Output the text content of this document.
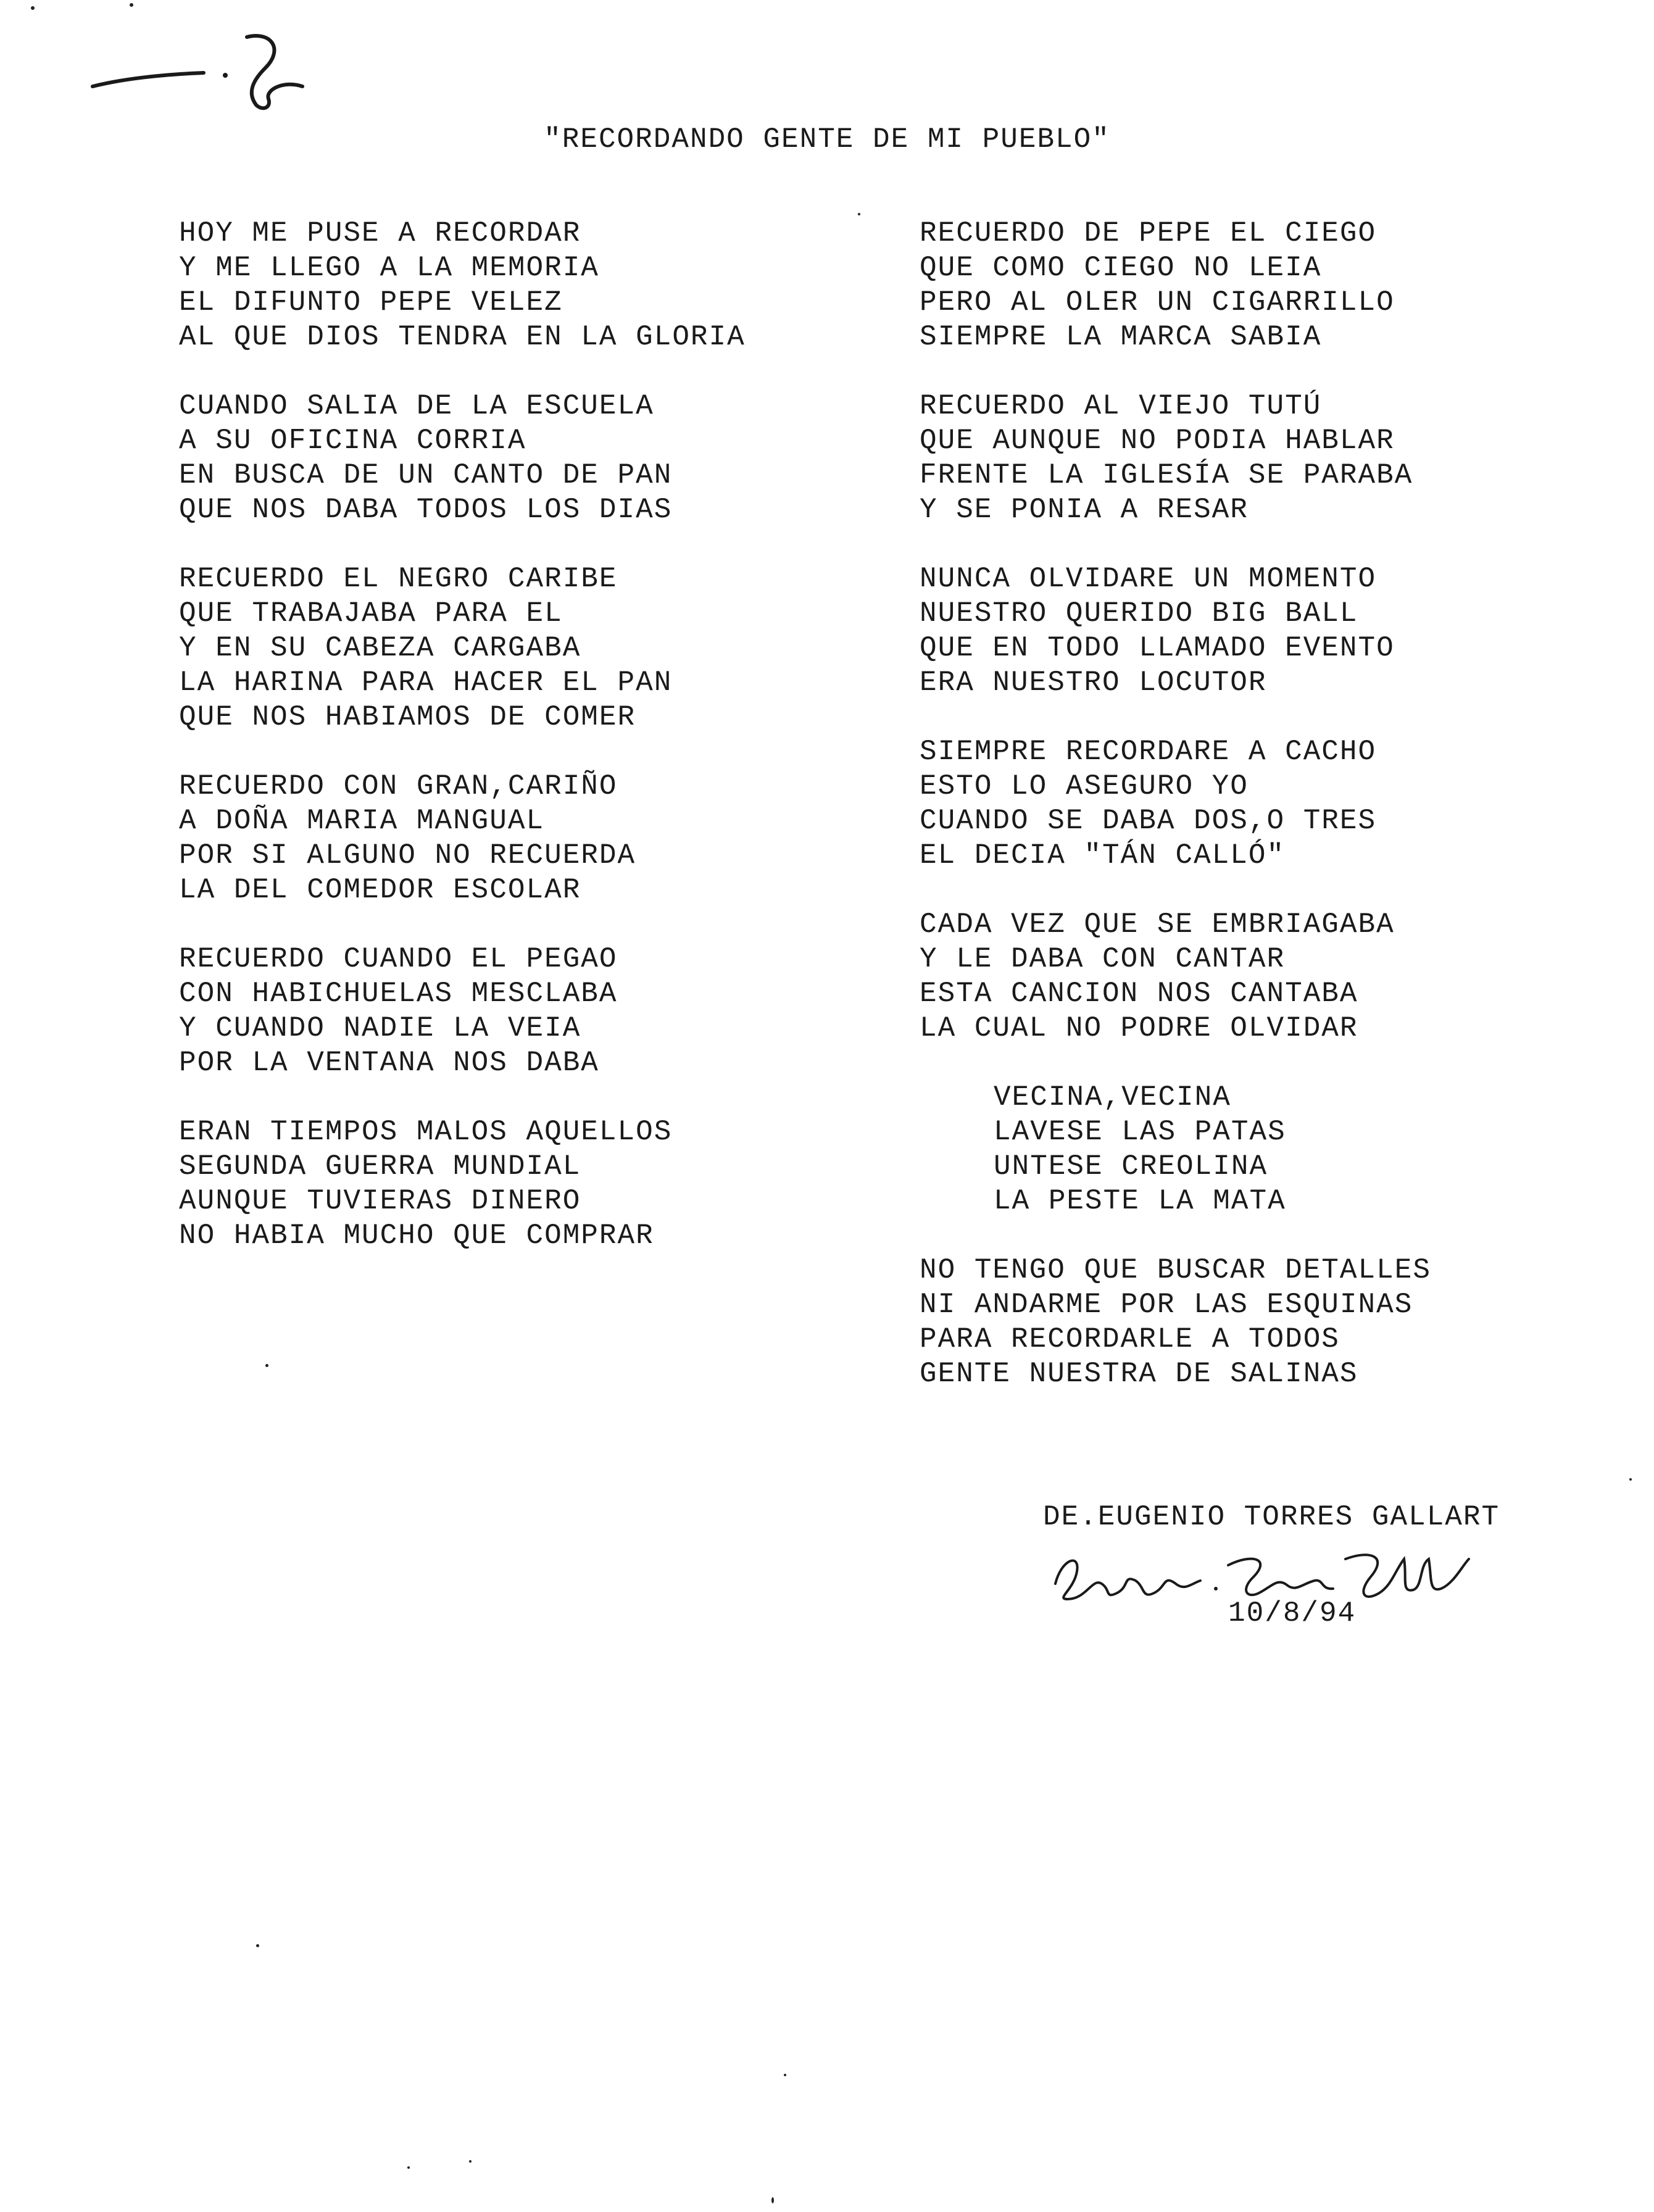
"RECORDANDO GENTE DE MI PUEBLO"
HOY ME PUSE A RECORDAR
Y ME LLEGO A LA MEMORIA
EL DIFUNTO PEPE VELEZ
AL QUE DIOS TENDRA EN LA GLORIA
CUANDO SALIA DE LA ESCUELA
A SU OFICINA CORRIA
EN BUSCA DE UN CANTO DE PAN
QUE NOS DABA TODOS LOS DIAS
RECUERDO EL NEGRO CARIBE
QUE TRABAJABA PARA EL
Y EN SU CABEZA CARGABA
LA HARINA PARA HACER EL PAN
QUE NOS HABIAMOS DE COMER
RECUERDO CON GRAN,CARIÑO
A DOÑA MARIA MANGUAL
POR SI ALGUNO NO RECUERDA
LA DEL COMEDOR ESCOLAR
RECUERDO CUANDO EL PEGAO
CON HABICHUELAS MESCLABA
Y CUANDO NADIE LA VEIA
POR LA VENTANA NOS DABA
ERAN TIEMPOS MALOS AQUELLOS
SEGUNDA GUERRA MUNDIAL
AUNQUE TUVIERAS DINERO
NO HABIA MUCHO QUE COMPRAR
RECUERDO DE PEPE EL CIEGO
QUE COMO CIEGO NO LEIA
PERO AL OLER UN CIGARRILLO
SIEMPRE LA MARCA SABIA
RECUERDO AL VIEJO TUTÚ
QUE AUNQUE NO PODIA HABLAR
FRENTE LA IGLESÍA SE PARABA
Y SE PONIA A RESAR
NUNCA OLVIDARE UN MOMENTO
NUESTRO QUERIDO BIG BALL
QUE EN TODO LLAMADO EVENTO
ERA NUESTRO LOCUTOR
SIEMPRE RECORDARE A CACHO
ESTO LO ASEGURO YO
CUANDO SE DABA DOS,O TRES
EL DECIA "TÁN CALLÓ"
CADA VEZ QUE SE EMBRIAGABA
Y LE DABA CON CANTAR
ESTA CANCION NOS CANTABA
LA CUAL NO PODRE OLVIDAR
VECINA,VECINA
LAVESE LAS PATAS
UNTESE CREOLINA
LA PESTE LA MATA
NO TENGO QUE BUSCAR DETALLES
NI ANDARME POR LAS ESQUINAS
PARA RECORDARLE A TODOS
GENTE NUESTRA DE SALINAS
DE.EUGENIO TORRES GALLART
10/8/94
